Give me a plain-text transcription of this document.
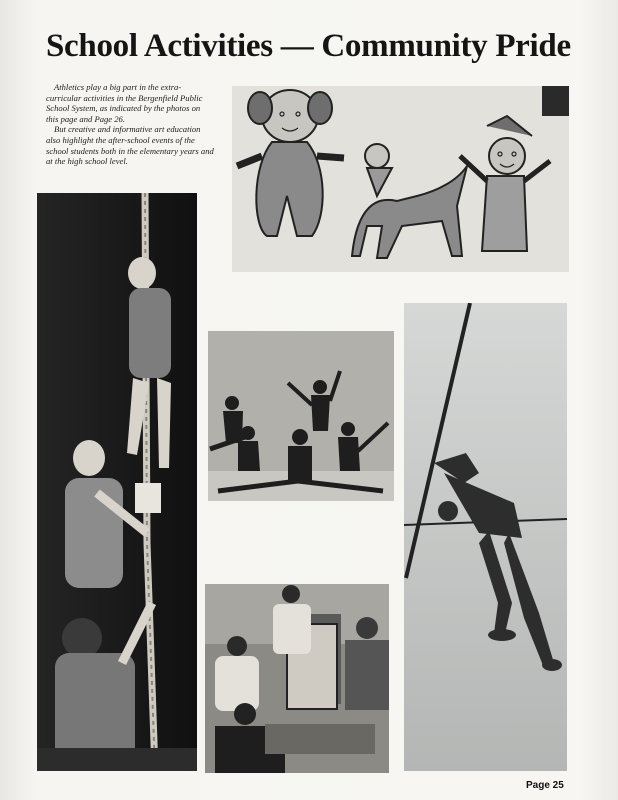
School Activities — Community Pride

Athletics play a big part in the extra-curricular activities in the Bergenfield Public School System, as indicated by the photos on this page and Page 26.

But creative and informative art education also highlight the after-school events of the school students both in the elementary years and at the high school level.

Page 25
